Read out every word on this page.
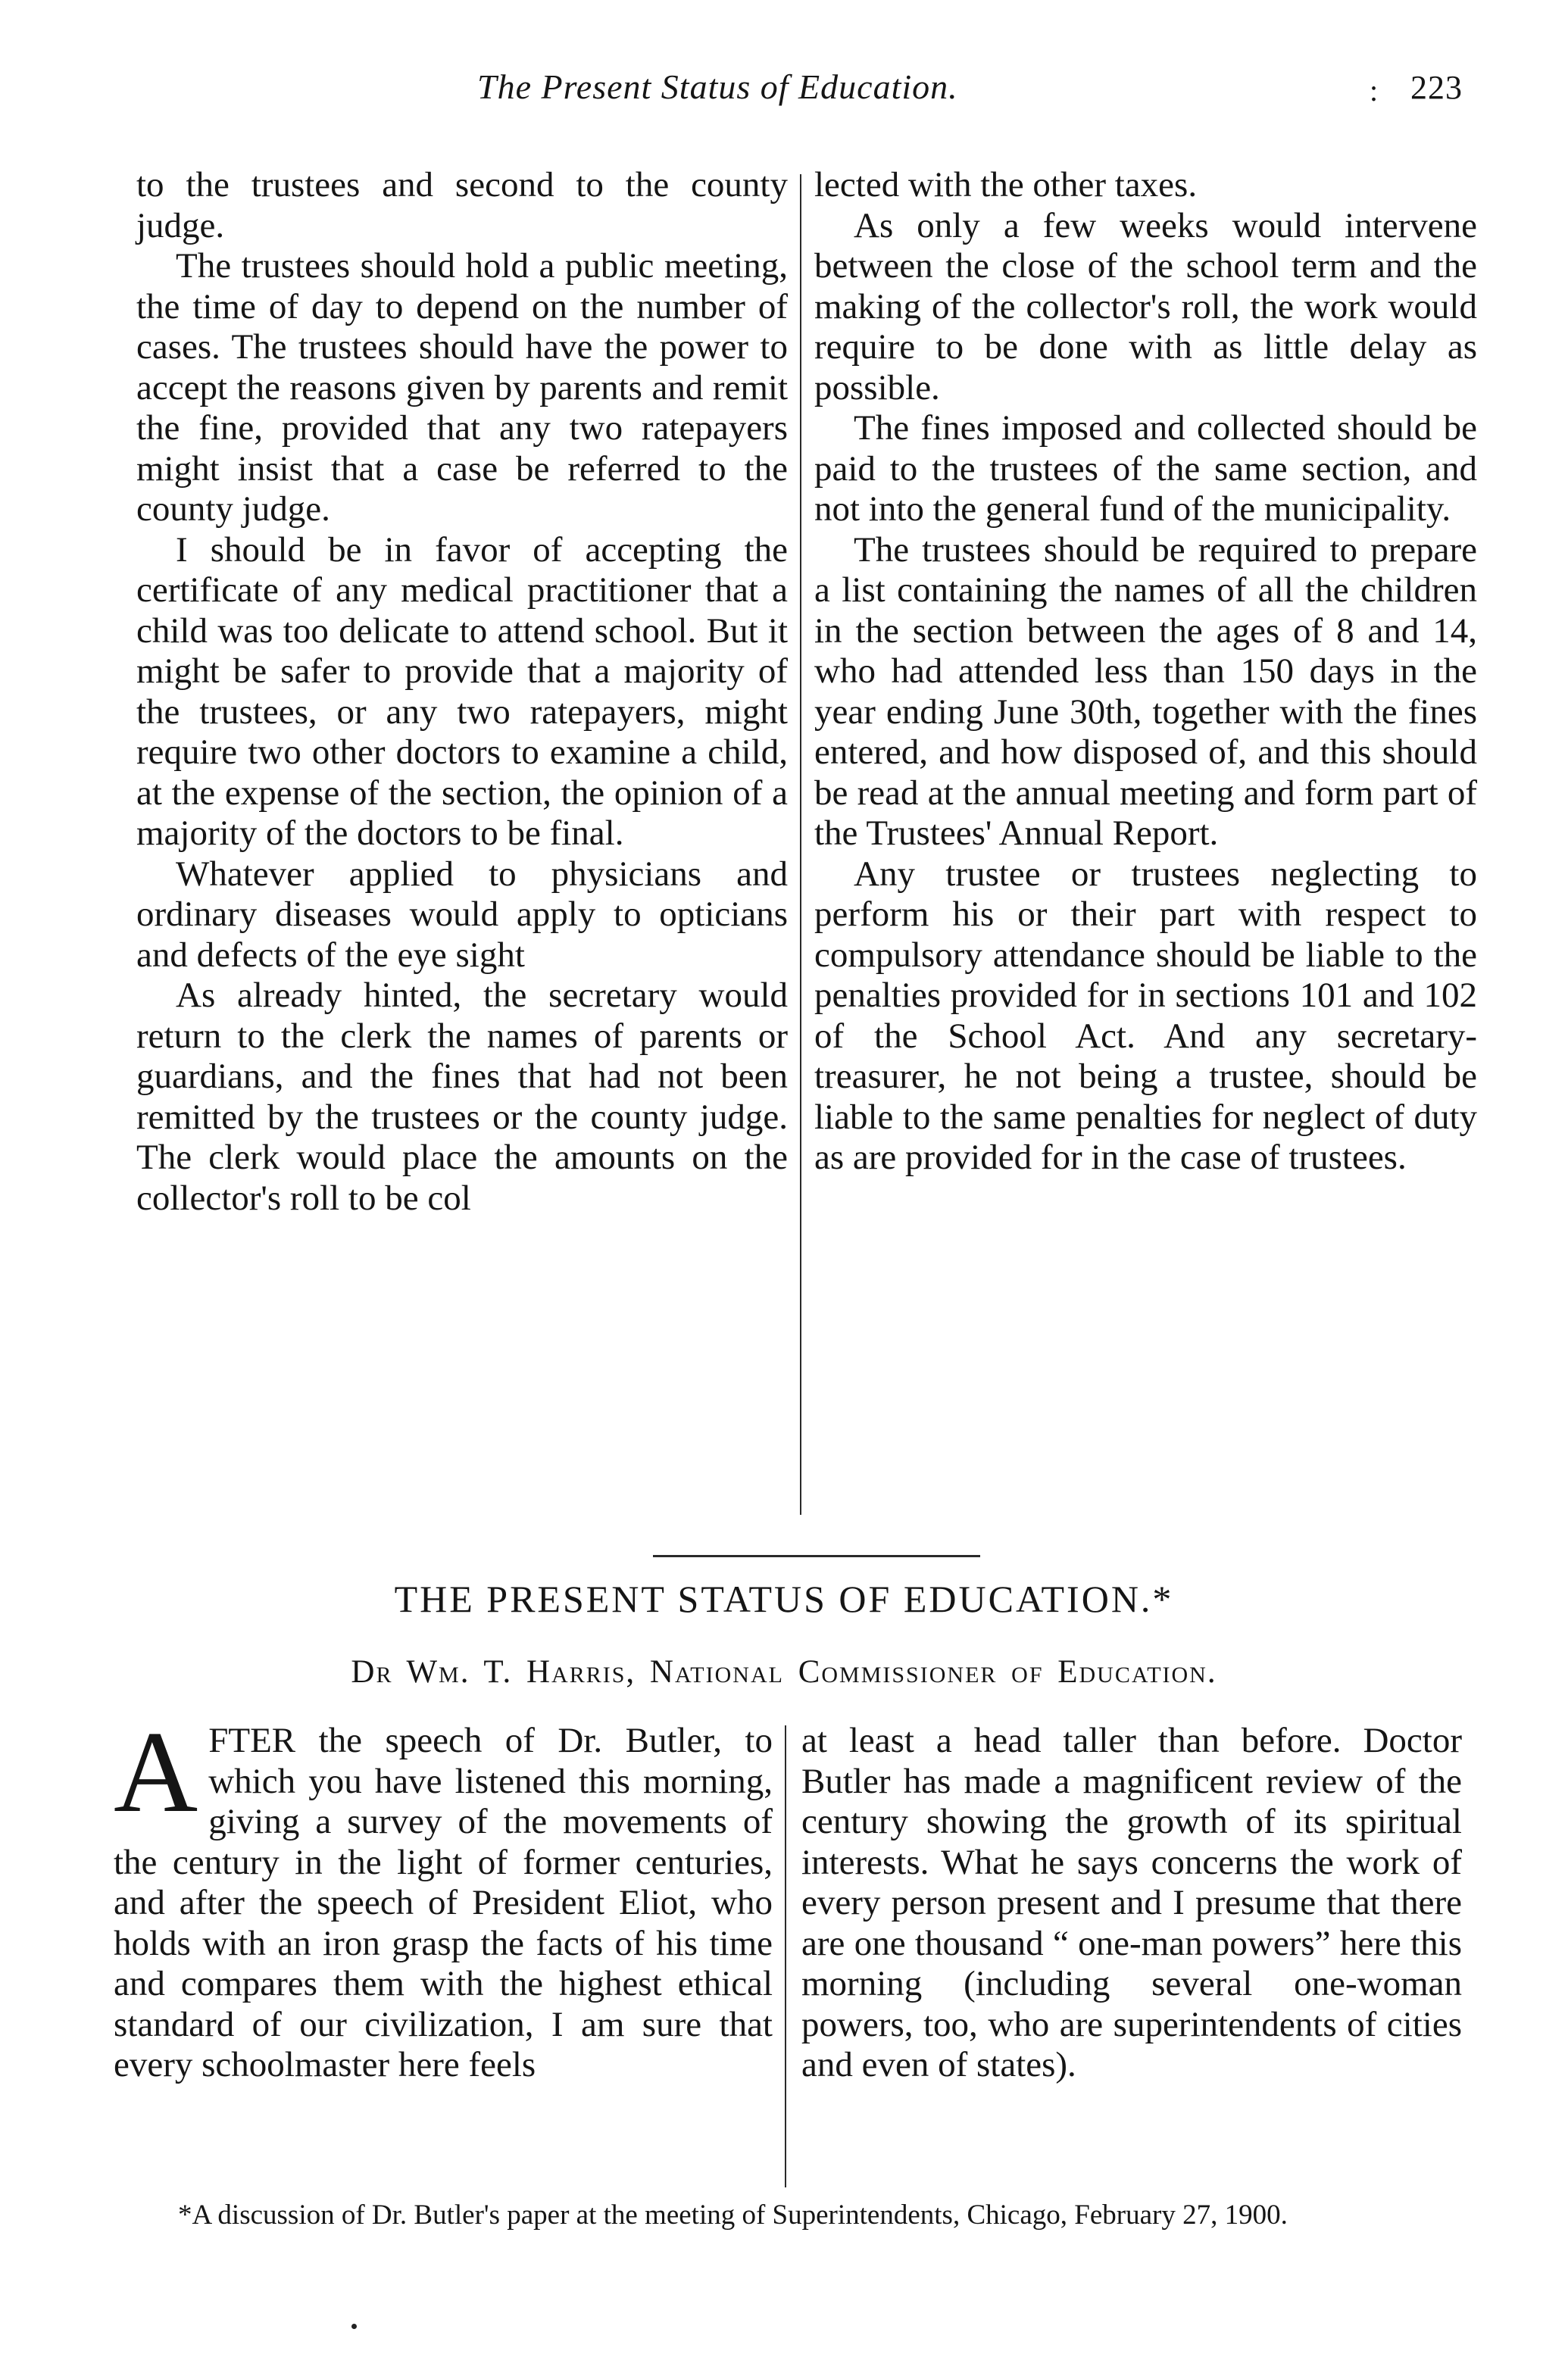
The Present Status of Education.	: 223

to the trustees and second to the county judge.

The trustees should hold a public meeting, the time of day to depend on the number of cases. The trustees should have the power to accept the reasons given by parents and remit the fine, provided that any two ratepayers might insist that a case be referred to the county judge.

I should be in favor of accepting the certificate of any medical practitioner that a child was too delicate to attend school. But it might be safer to provide that a majority of the trustees, or any two ratepayers, might require two other doctors to examine a child, at the expense of the section, the opinion of a majority of the doctors to be final.

Whatever applied to physicians and ordinary diseases would apply to opticians and defects of the eye sight

As already hinted, the secretary would return to the clerk the names of parents or guardians, and the fines that had not been remitted by the trustees or the county judge. The clerk would place the amounts on the collector's roll to be col

lected with the other taxes.

As only a few weeks would intervene between the close of the school term and the making of the collector's roll, the work would require to be done with as little delay as possible.

The fines imposed and collected should be paid to the trustees of the same section, and not into the general fund of the municipality.

The trustees should be required to prepare a list containing the names of all the children in the section between the ages of 8 and 14, who had attended less than 150 days in the year ending June 30th, together with the fines entered, and how disposed of, and this should be read at the annual meeting and form part of the Trustees' Annual Report.

Any trustee or trustees neglecting to perform his or their part with respect to compulsory attendance should be liable to the penalties provided for in sections 101 and 102 of the School Act. And any secretary-treasurer, he not being a trustee, should be liable to the same penalties for neglect of duty as are provided for in the case of trustees.

THE PRESENT STATUS OF EDUCATION.*
Dr Wm. T. Harris, National Commissioner of Education.
A FTER the speech of Dr. Butler, to which you have listened this morning, giving a survey of the movements of the century in the light of former centuries, and after the speech of President Eliot, who holds with an iron grasp the facts of his time and compares them with the highest ethical standard of our civilization, I am sure that every schoolmaster here feels

at least a head taller than before. Doctor Butler has made a magnificent review of the century showing the growth of its spiritual interests. What he says concerns the work of every person present and I presume that there are one thousand “ one-man powers” here this morning (including several one-woman powers, too, who are superintendents of cities and even of states).

*A discussion of Dr. Butler's paper at the meeting of Superintendents, Chicago, February 27, 1900.
